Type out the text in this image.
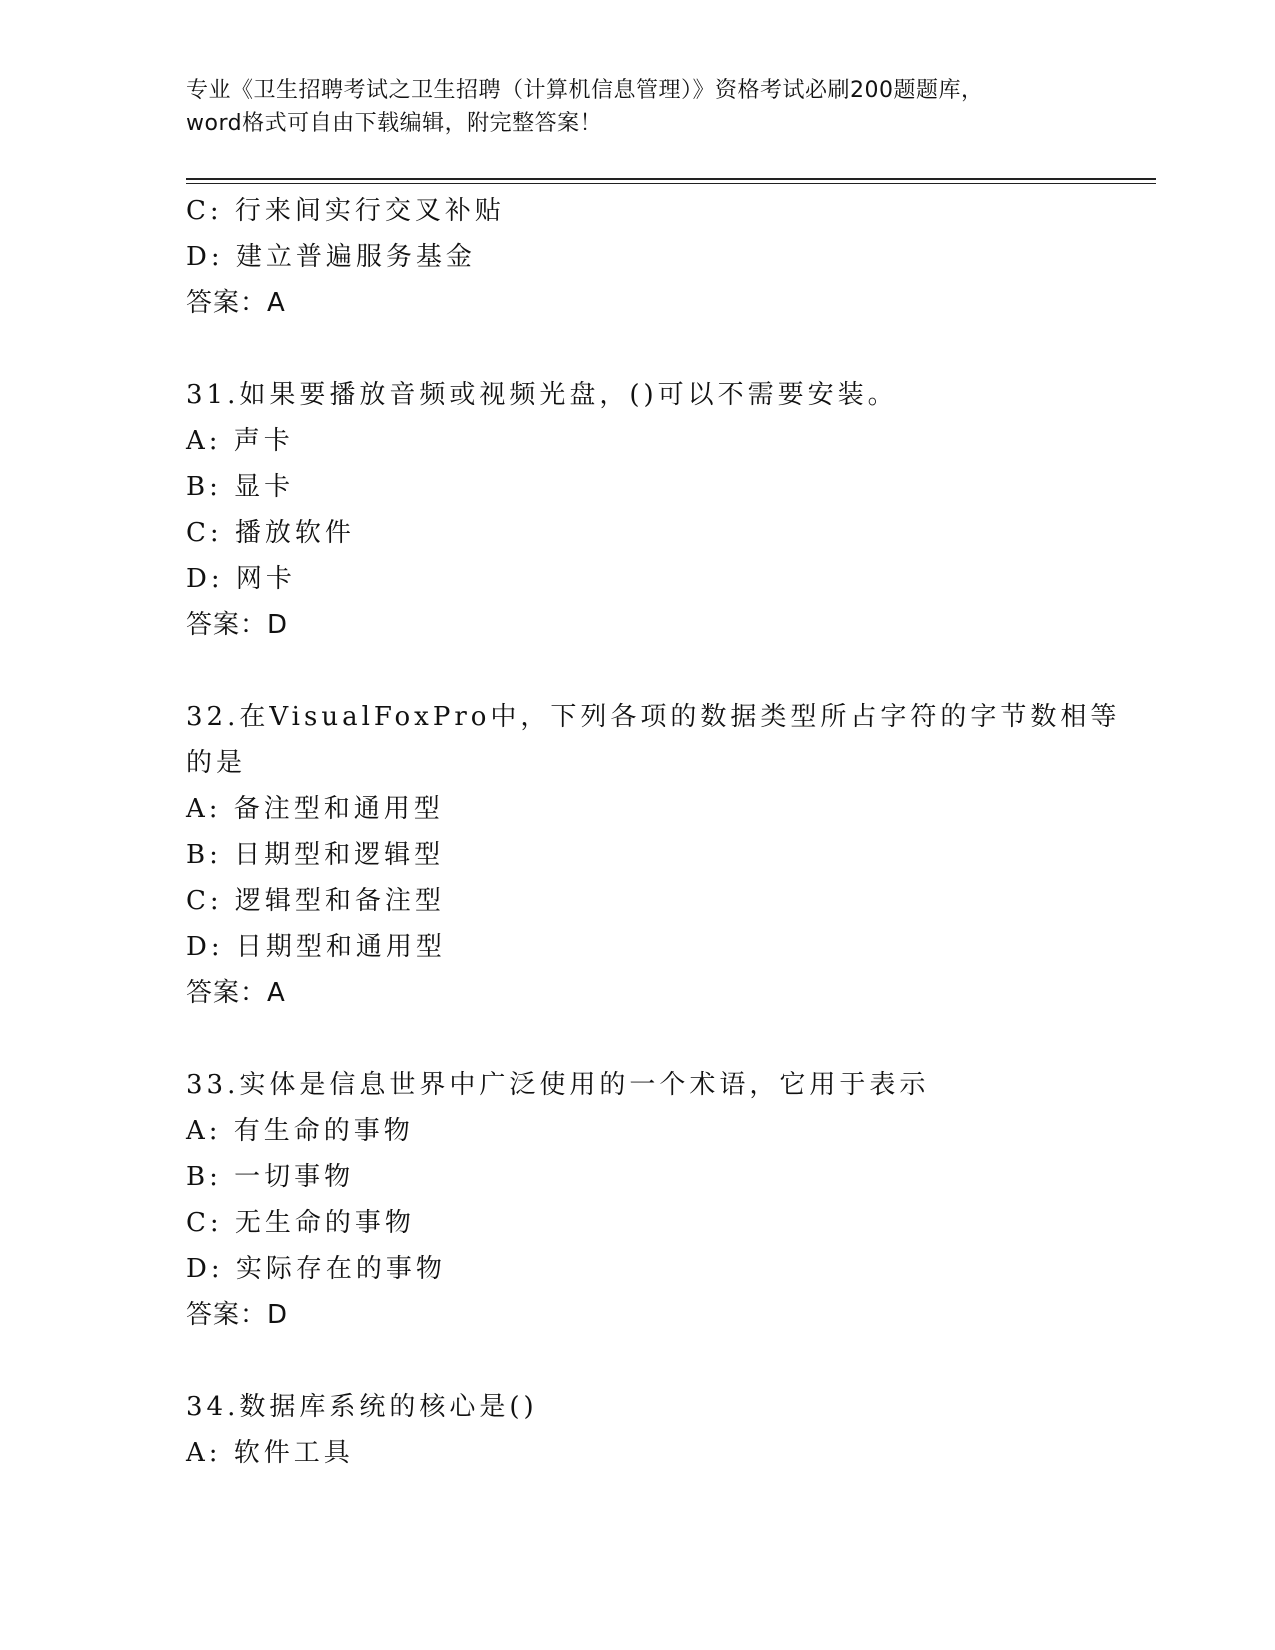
专业《卫生招聘考试之卫生招聘（计算机信息管理）》资格考试必刷200题题库，
word格式可自由下载编辑，附完整答案！
C: 行来间实行交叉补贴
D: 建立普遍服务基金
答案：A
31.如果要播放音频或视频光盘，()可以不需要安装。
A: 声卡
B: 显卡
C: 播放软件
D: 网卡
答案：D
32.在VisualFoxPro中，下列各项的数据类型所占字符的字节数相等
的是
A: 备注型和通用型
B: 日期型和逻辑型
C: 逻辑型和备注型
D: 日期型和通用型
答案：A
33.实体是信息世界中广泛使用的一个术语，它用于表示
A: 有生命的事物
B: 一切事物
C: 无生命的事物
D: 实际存在的事物
答案：D
34.数据库系统的核心是()
A: 软件工具
